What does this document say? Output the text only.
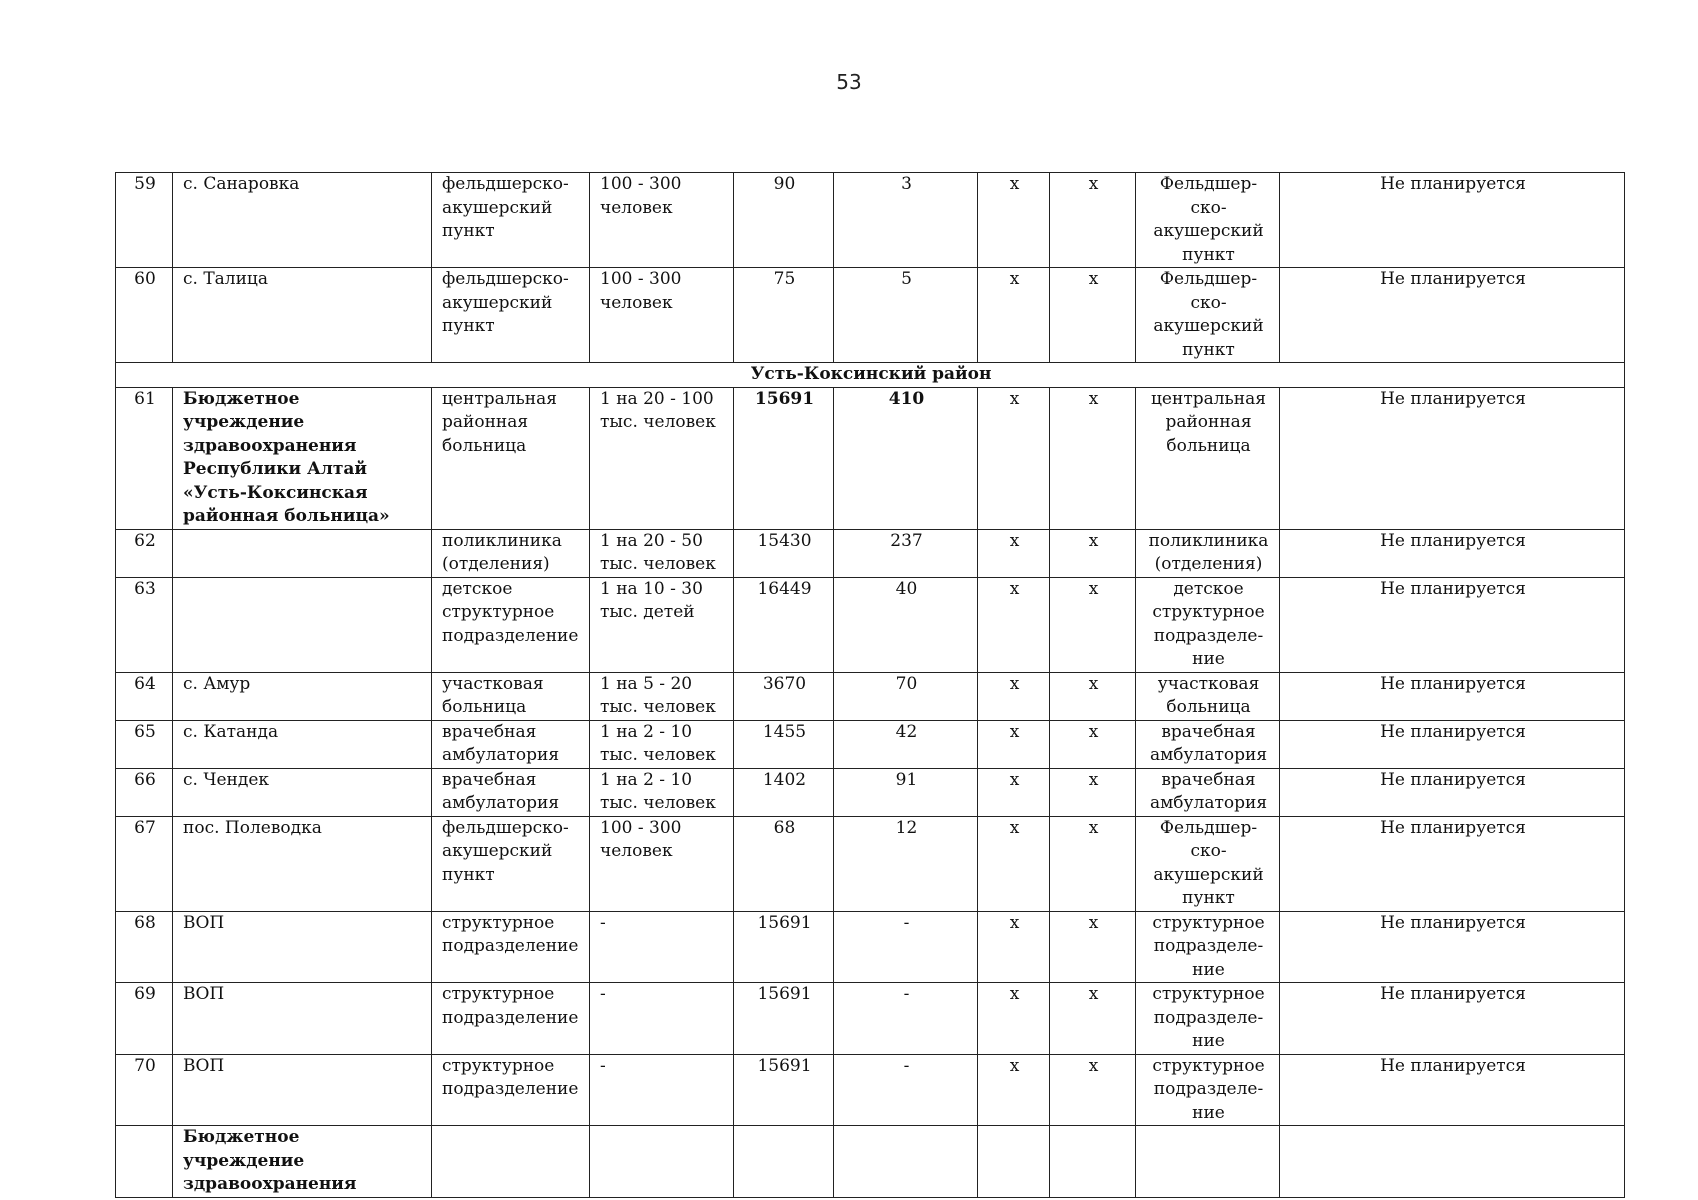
53
59	с. Санаровка	фельдшерско-акушерский пункт	100 - 300 человек	90	3	х	х	Фельдшер-ско-акушерский пункт	Не планируется
60	с. Талица	фельдшерско-акушерский пункт	100 - 300 человек	75	5	х	х	Фельдшер-ско-акушерский пункт	Не планируется
Усть-Коксинский район									
61	Бюджетное учреждение здравоохранения Республики Алтай «Усть-Коксинская районная больница»	центральная районная больница	1 на 20 - 100 тыс. человек	15691	410	х	х	центральная районная больница	Не планируется
62		поликлиника (отделения)	1 на 20 - 50 тыс. человек	15430	237	х	х	поликлиника (отделения)	Не планируется
63		детское структурное подразделение	1 на 10 - 30 тыс. детей	16449	40	х	х	детское структурное подразделе-ние	Не планируется
64	с. Амур	участковая больница	1 на 5 - 20 тыс. человек	3670	70	х	х	участковая больница	Не планируется
65	с. Катанда	врачебная амбулатория	1 на 2 - 10 тыс. человек	1455	42	х	х	врачебная амбулатория	Не планируется
66	с. Чендек	врачебная амбулатория	1 на 2 - 10 тыс. человек	1402	91	х	х	врачебная амбулатория	Не планируется
67	пос. Полеводка	фельдшерско-акушерский пункт	100 - 300 человек	68	12	х	х	Фельдшер-ско-акушерский пункт	Не планируется
68	ВОП	структурное подразделение	-	15691	-	х	х	структурное подразделе-ние	Не планируется
69	ВОП	структурное подразделение	-	15691	-	х	х	структурное подразделе-ние	Не планируется
70	ВОП	структурное подразделение	-	15691	-	х	х	структурное подразделе-ние	Не планируется
	Бюджетное учреждение здравоохранения								
